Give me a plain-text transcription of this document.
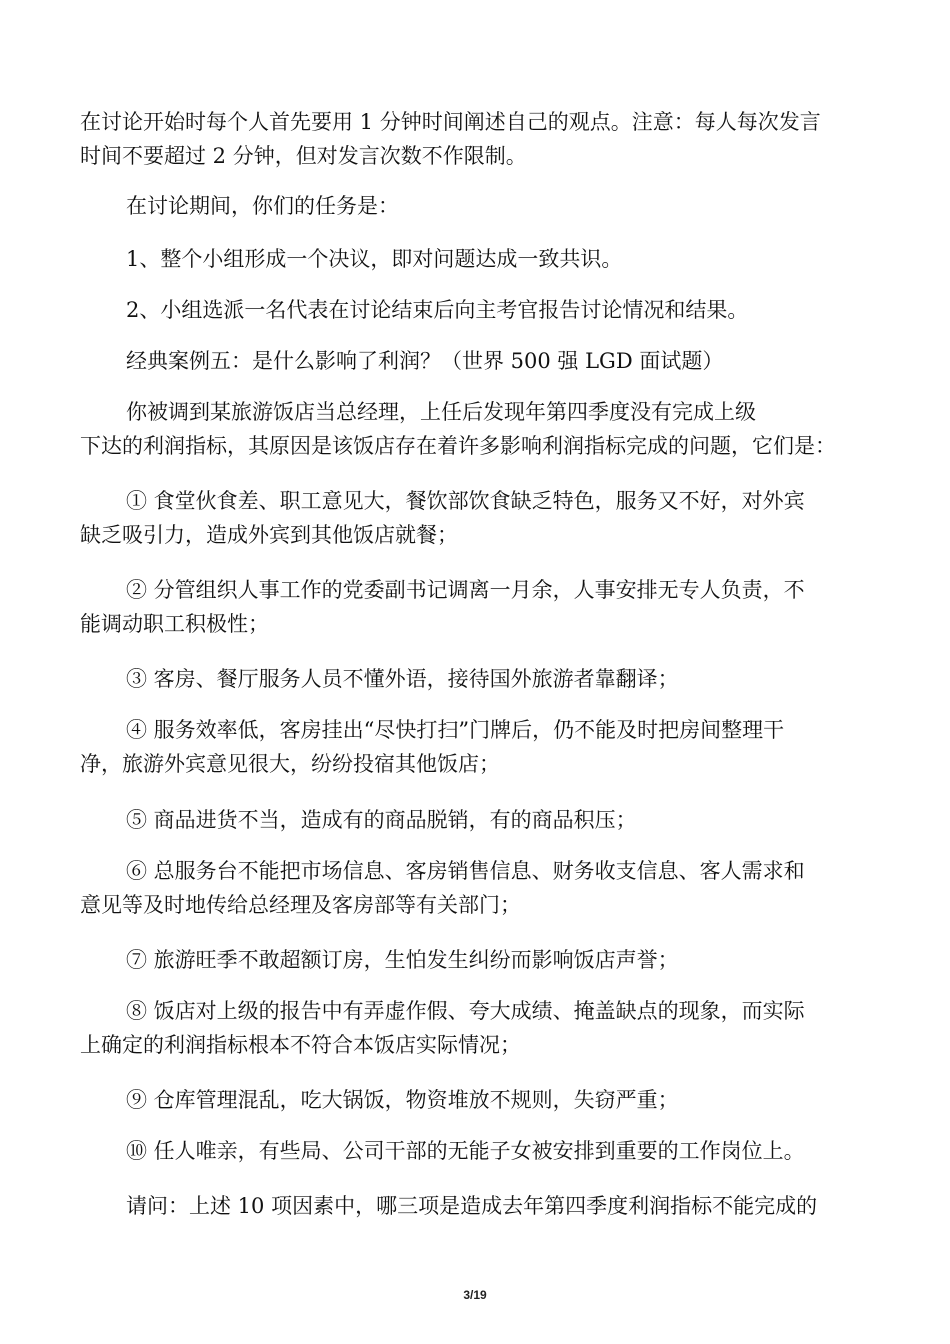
在讨论开始时每个人首先要用 1 分钟时间阐述自己的观点。注意：每人每次发言
时间不要超过 2 分钟，但对发言次数不作限制。
在讨论期间，你们的任务是：
1、整个小组形成一个决议，即对问题达成一致共识。
2、小组选派一名代表在讨论结束后向主考官报告讨论情况和结果。
经典案例五：是什么影响了利润？（世界 500 强 LGD 面试题）
你被调到某旅游饭店当总经理，上任后发现年第四季度没有完成上级
下达的利润指标，其原因是该饭店存在着许多影响利润指标完成的问题，它们是：
① 食堂伙食差、职工意见大，餐饮部饮食缺乏特色，服务又不好，对外宾
缺乏吸引力，造成外宾到其他饭店就餐；
② 分管组织人事工作的党委副书记调离一月余，人事安排无专人负责，不
能调动职工积极性；
③ 客房、餐厅服务人员不懂外语，接待国外旅游者靠翻译；
④ 服务效率低，客房挂出“尽快打扫”门牌后，仍不能及时把房间整理干
净，旅游外宾意见很大，纷纷投宿其他饭店；
⑤ 商品进货不当，造成有的商品脱销，有的商品积压；
⑥ 总服务台不能把市场信息、客房销售信息、财务收支信息、客人需求和
意见等及时地传给总经理及客房部等有关部门；
⑦ 旅游旺季不敢超额订房，生怕发生纠纷而影响饭店声誉；
⑧ 饭店对上级的报告中有弄虚作假、夸大成绩、掩盖缺点的现象，而实际
上确定的利润指标根本不符合本饭店实际情况；
⑨ 仓库管理混乱，吃大锅饭，物资堆放不规则，失窃严重；
⑩ 任人唯亲，有些局、公司干部的无能子女被安排到重要的工作岗位上。
请问：上述 10 项因素中，哪三项是造成去年第四季度利润指标不能完成的
3/19
